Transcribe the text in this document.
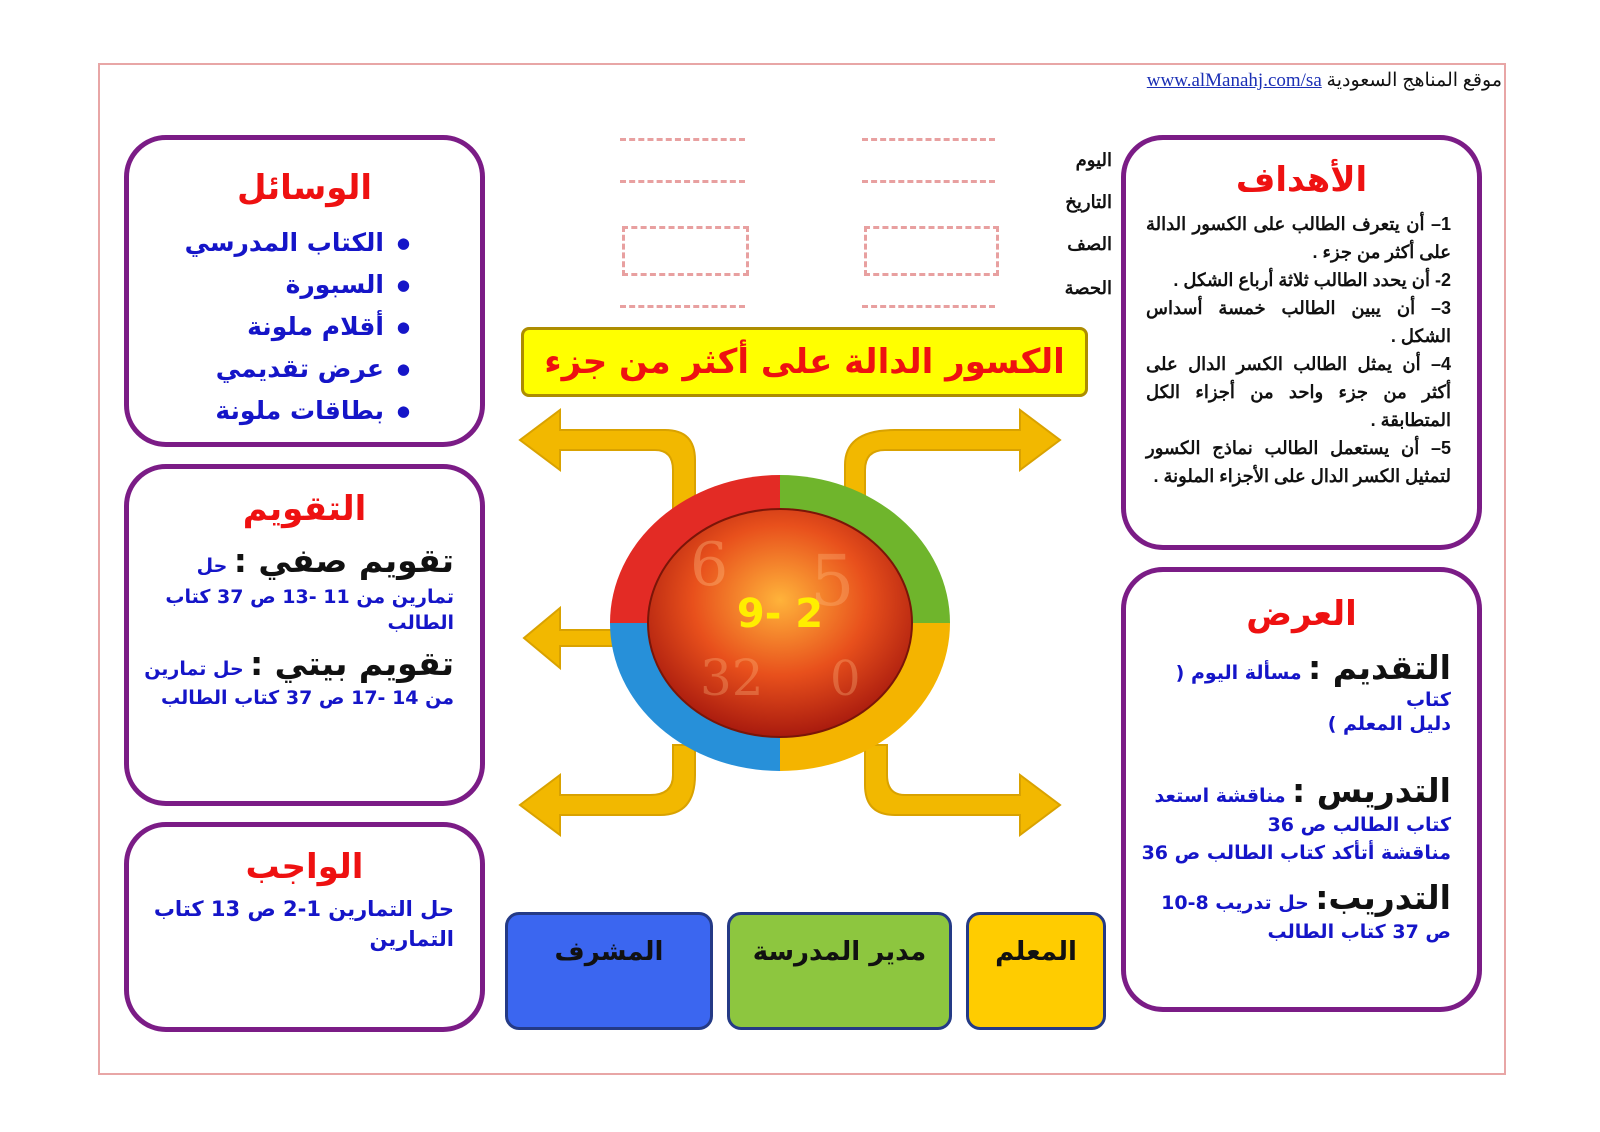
موقع المناهج السعودية www.alManahj.com/sa
الوسائل
● الكتاب المدرسي
● السبورة
● أقلام ملونة
● عرض تقديمي
● بطاقات ملونة
التقويم
تقويم صفي : حل
تمارين من 11 -13 ص 37 كتاب
الطالب
تقويم بيتي : حل تمارين
من 14 -17 ص 37 كتاب الطالب
الواجب
حل التمارين 1-2 ص 13 كتاب
التمارين
الأهداف
1– أن يتعرف الطالب على الكسور الدالة على أكثر من جزء .
2- أن يحدد الطالب ثلاثة أرباع الشكل .
3– أن يبين الطالب خمسة أسداس الشكل .
4– أن يمثل الطالب الكسر الدال على أكثر من جزء واحد من أجزاء الكل المتطابقة .
5– أن يستعمل الطالب نماذج الكسور لتمثيل الكسر الدال على الأجزاء الملونة .
العرض
التقديم : مسألة اليوم ( كتاب
دليل المعلم )
التدريس : مناقشة استعد
كتاب الطالب ص 36
مناقشة أتأكد كتاب الطالب ص 36
التدريب: حل تدريب 8-10
ص 37 كتاب الطالب
اليوم
التاريخ
الصف
الحصة
الكسور الدالة على أكثر من جزء
6 5
32 0
9- 2
المشرف	مدير المدرسة	المعلم
